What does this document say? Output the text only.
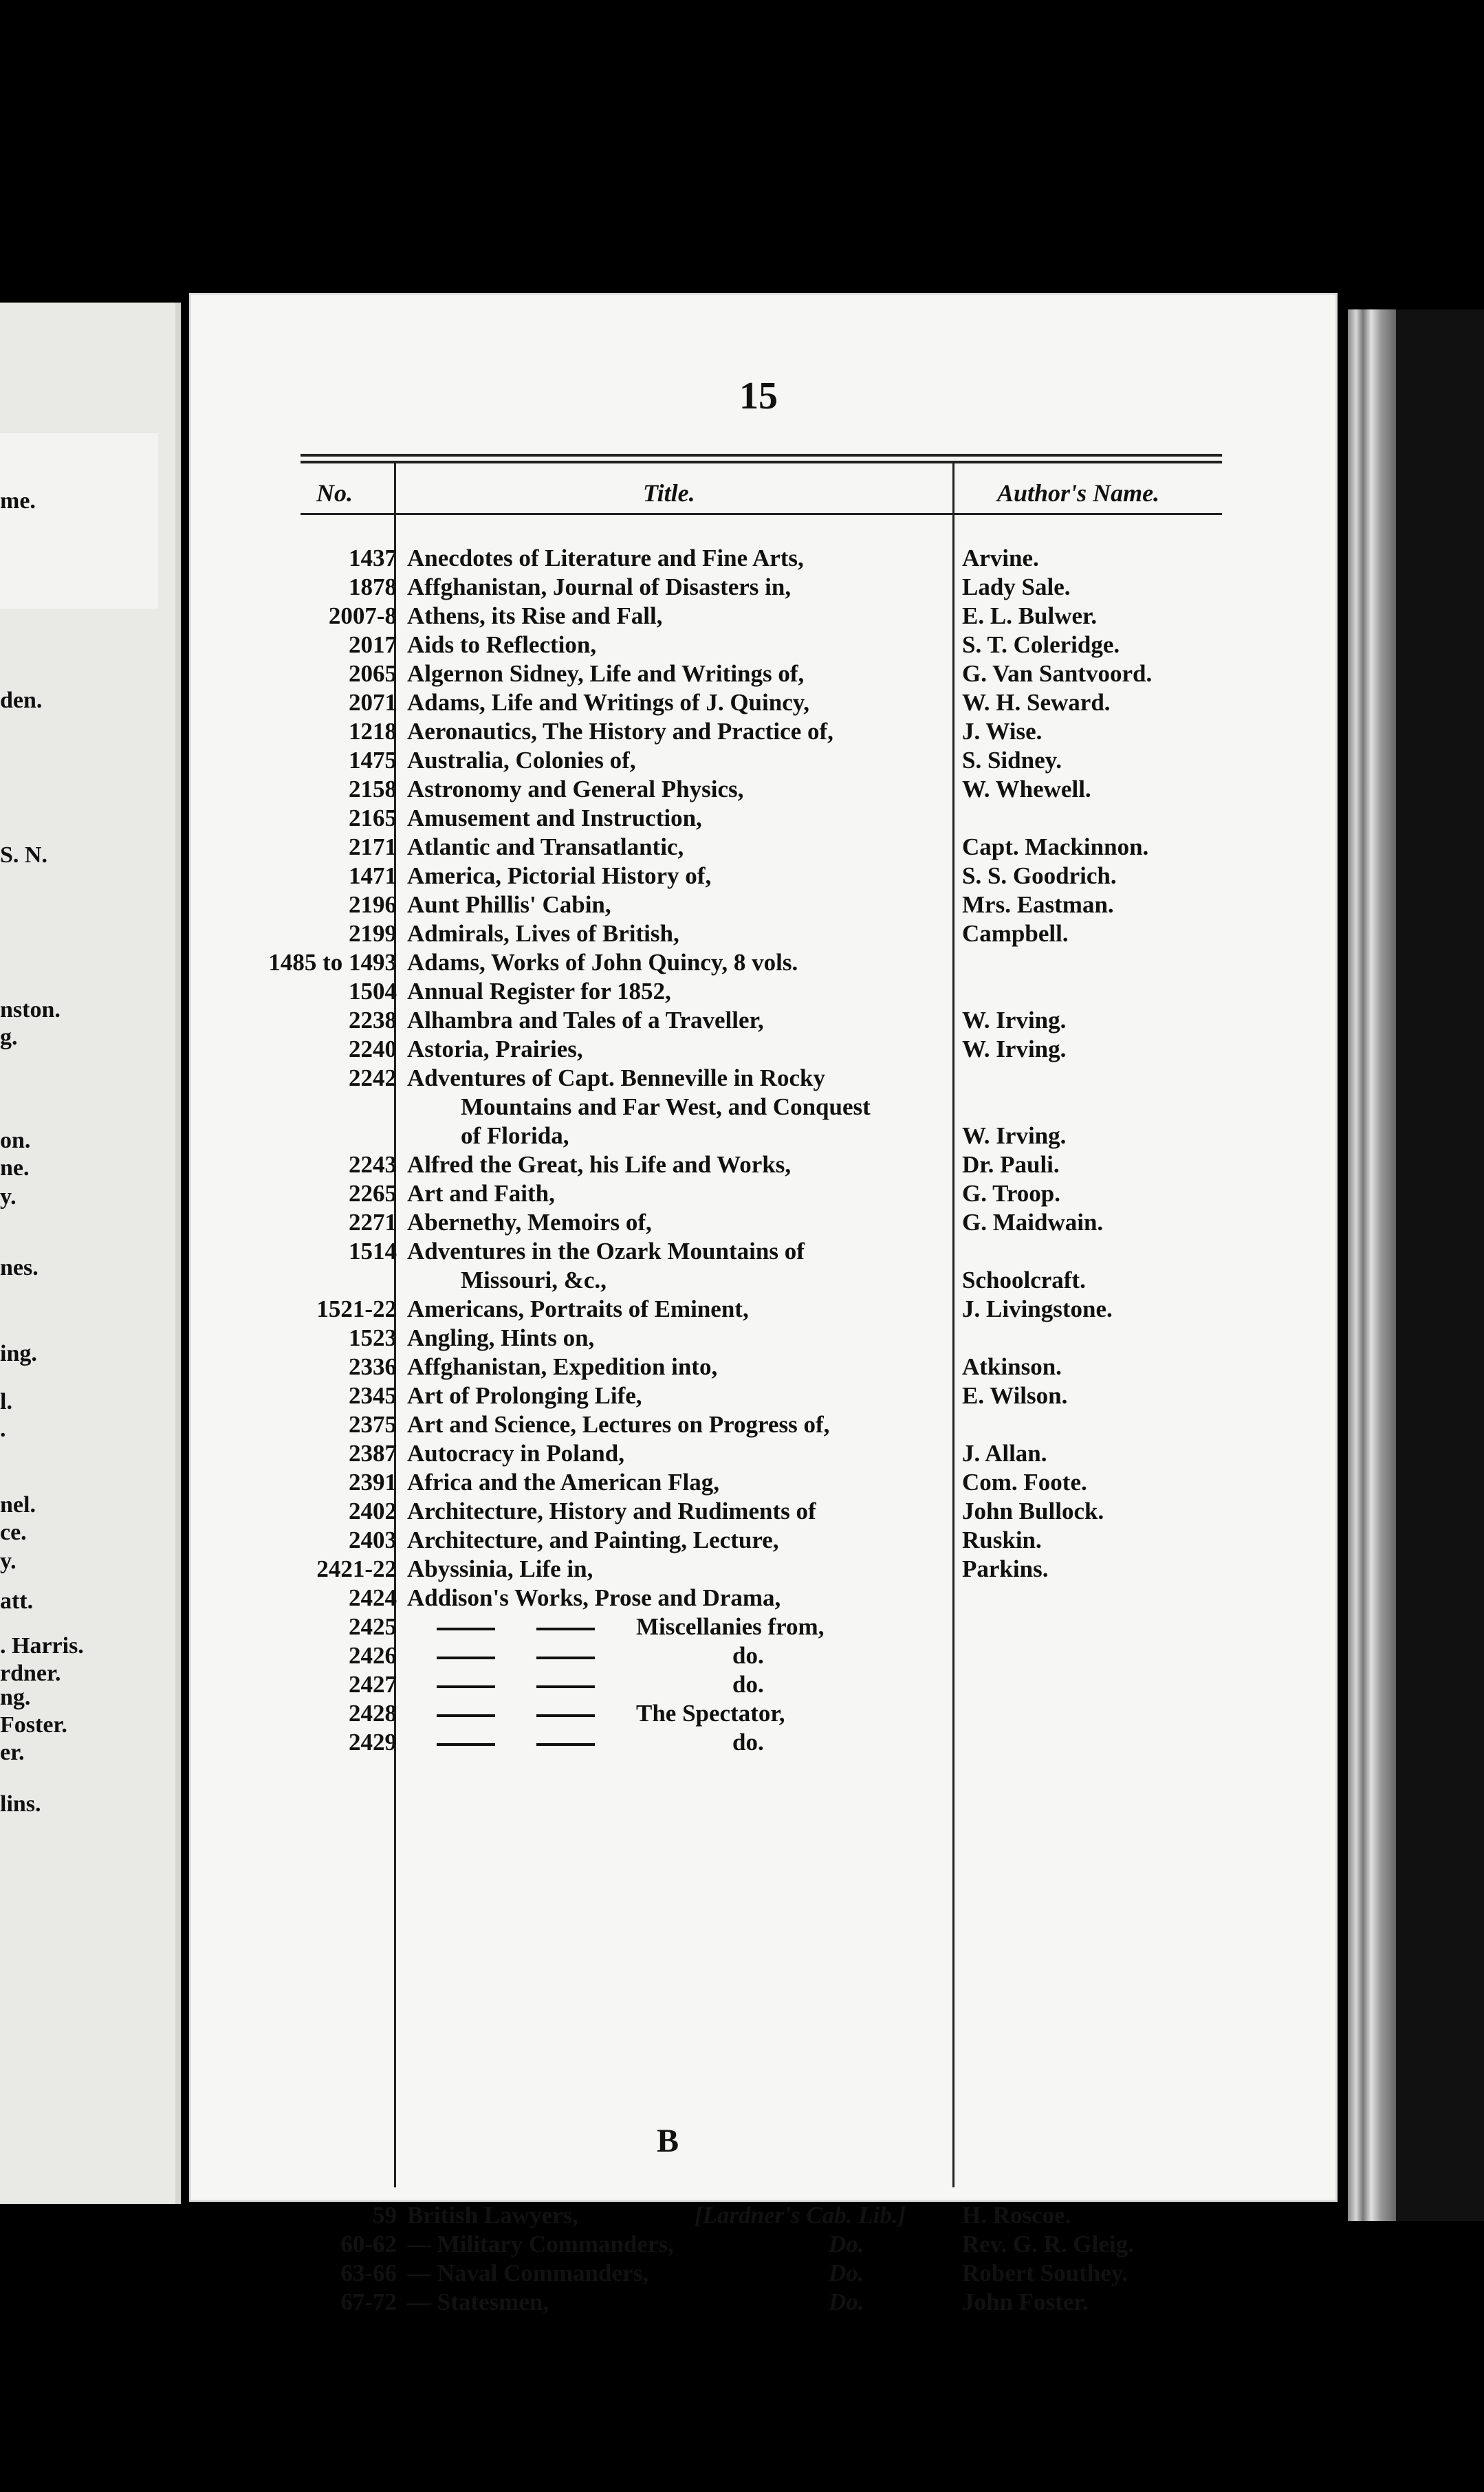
me.
den.
S. N.
nston.
g.
on.
ne.
y.
nes.
ing.
l.
.
nel.
ce.
y.
att.
. Harris.
rdner.
ng.
Foster.
er.
lins.
15
No.	Title.	Author's Name.
1437 Anecdotes of Literature and Fine Arts,	Arvine.
1878 Affghanistan, Journal of Disasters in,	Lady Sale.
2007-8 Athens, its Rise and Fall,	E. L. Bulwer.
2017 Aids to Reflection,	S. T. Coleridge.
2065 Algernon Sidney, Life and Writings of,	G. Van Santvoord.
2071 Adams, Life and Writings of J. Quincy,	W. H. Seward.
1218 Aeronautics, The History and Practice of,	J. Wise.
1475 Australia, Colonies of,	S. Sidney.
2158 Astronomy and General Physics,	W. Whewell.
2165 Amusement and Instruction,
2171 Atlantic and Transatlantic,	Capt. Mackinnon.
1471 America, Pictorial History of,	S. S. Goodrich.
2196 Aunt Phillis' Cabin,	Mrs. Eastman.
2199 Admirals, Lives of British,	Campbell.
1485 to 1493 Adams, Works of John Quincy, 8 vols.
1504 Annual Register for 1852,
2238 Alhambra and Tales of a Traveller,	W. Irving.
2240 Astoria, Prairies,	W. Irving.
2242 Adventures of Capt. Benneville in Rocky
Mountains and Far West, and Conquest
of Florida,	W. Irving.
2243 Alfred the Great, his Life and Works,	Dr. Pauli.
2265 Art and Faith,	G. Troop.
2271 Abernethy, Memoirs of,	G. Maidwain.
1514 Adventures in the Ozark Mountains of
Missouri, &c.,	Schoolcraft.
1521-22 Americans, Portraits of Eminent,	J. Livingstone.
1523 Angling, Hints on,
2336 Affghanistan, Expedition into,	Atkinson.
2345 Art of Prolonging Life,	E. Wilson.
2375 Art and Science, Lectures on Progress of,
2387 Autocracy in Poland,	J. Allan.
2391 Africa and the American Flag,	Com. Foote.
2402 Architecture, History and Rudiments of	John Bullock.
2403 Architecture, and Painting, Lecture,	Ruskin.
2421-22 Abyssinia, Life in,	Parkins.
2424 Addison's Works, Prose and Drama,
2425	Miscellanies from,
2426	do.
2427	do.
2428	The Spectator,
2429	do.
B
59 British Lawyers,	[Lardner's Cab. Lib.] H. Roscoe.
60-62 — Military Commanders,	Do.	Rev. G. R. Gleig.
63-66 — Naval Commanders,	Do.	Robert Southey.
67-72 — Statesmen,	Do.	John Foster.
